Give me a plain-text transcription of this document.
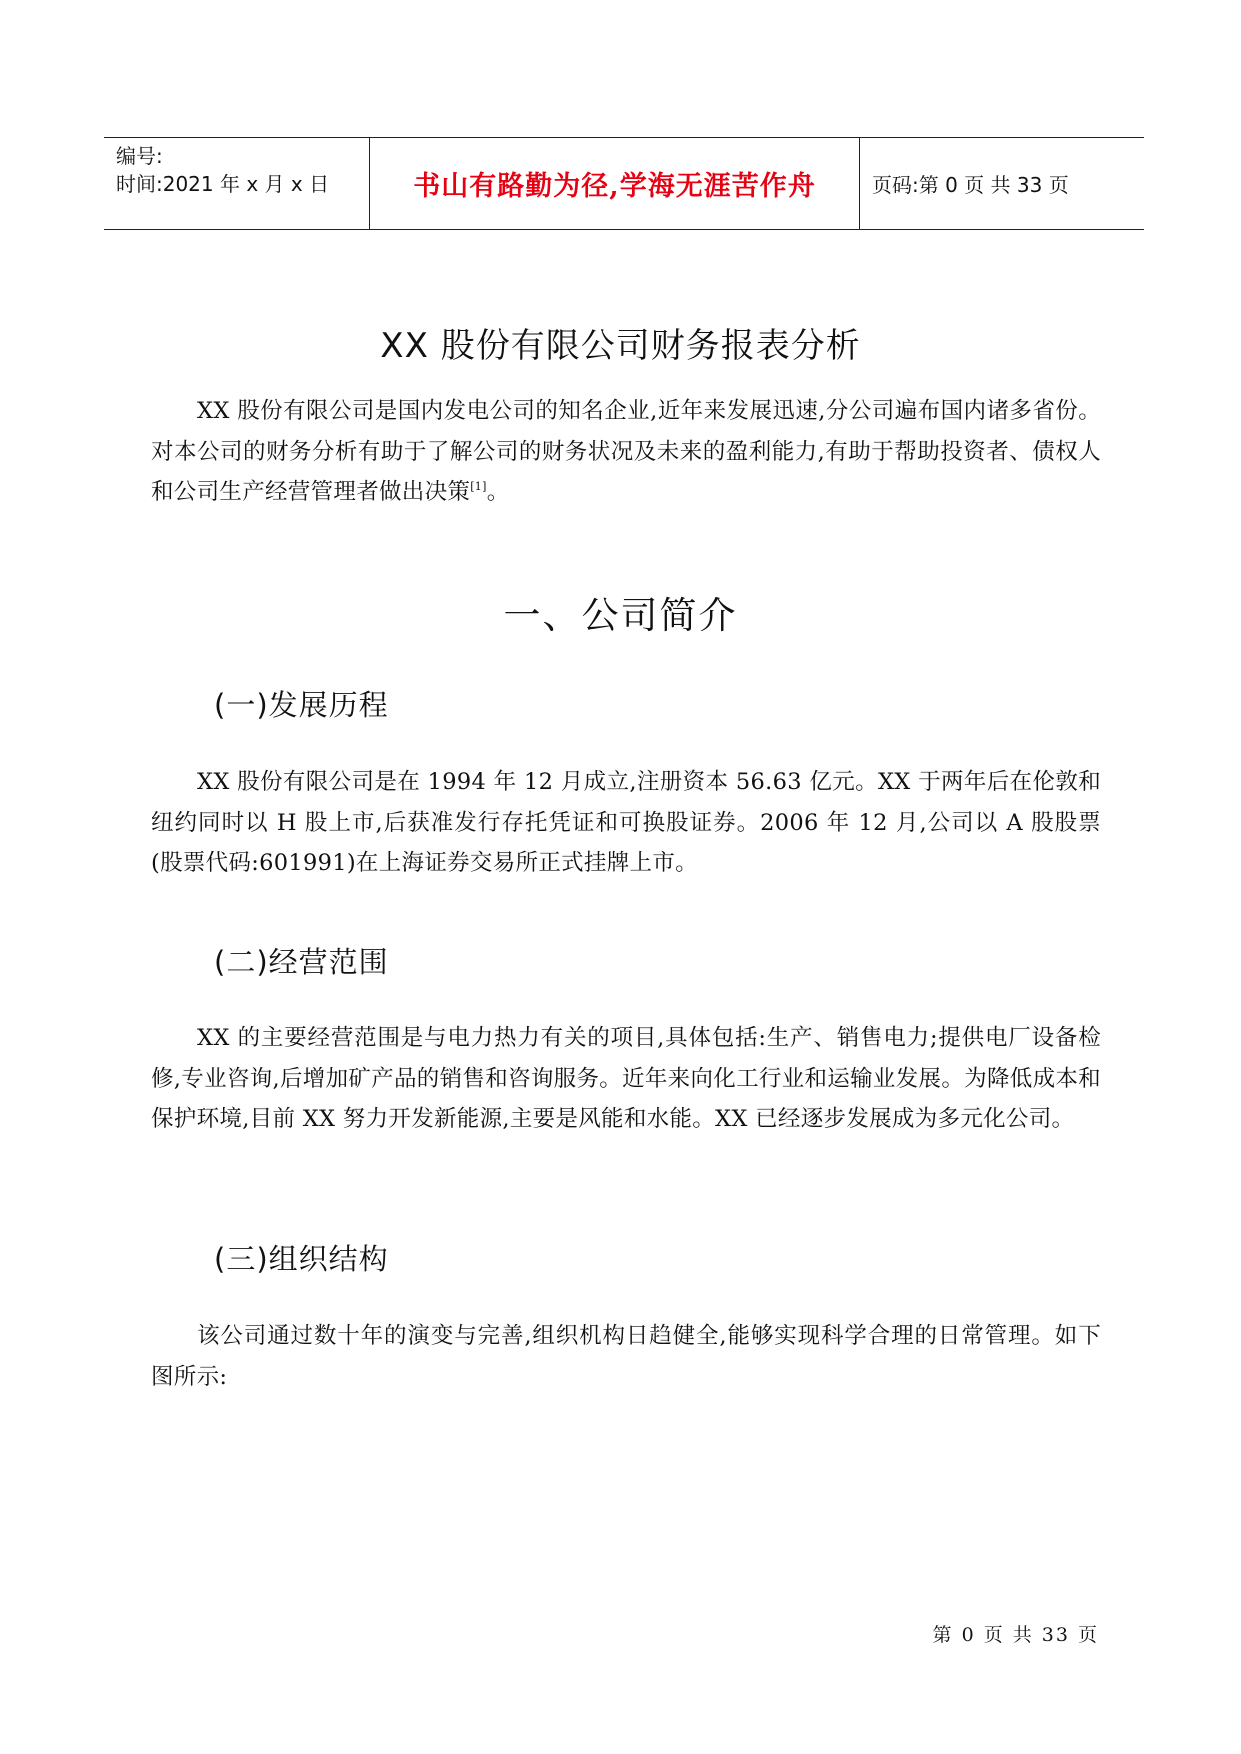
编号:
时间:2021 年 x 月 x 日	书山有路勤为径,学海无涯苦作舟	页码:第 0 页 共 33 页
XX 股份有限公司财务报表分析

XX 股份有限公司是国内发电公司的知名企业,近年来发展迅速,分公司遍布国内诸多省份。对本公司的财务分析有助于了解公司的财务状况及未来的盈利能力,有助于帮助投资者、债权人和公司生产经营管理者做出决策[1]。

一、公司简介
(一)发展历程

XX 股份有限公司是在 1994 年 12 月成立,注册资本 56.63 亿元。XX 于两年后在伦敦和纽约同时以 H 股上市,后获准发行存托凭证和可换股证券。2006 年 12 月,公司以 A 股股票(股票代码:601991)在上海证券交易所正式挂牌上市。

(二)经营范围

XX 的主要经营范围是与电力热力有关的项目,具体包括:生产、销售电力;提供电厂设备检修,专业咨询,后增加矿产品的销售和咨询服务。近年来向化工行业和运输业发展。为降低成本和保护环境,目前 XX 努力开发新能源,主要是风能和水能。XX 已经逐步发展成为多元化公司。

(三)组织结构

该公司通过数十年的演变与完善,组织机构日趋健全,能够实现科学合理的日常管理。如下图所示:

第 0 页 共 33 页
